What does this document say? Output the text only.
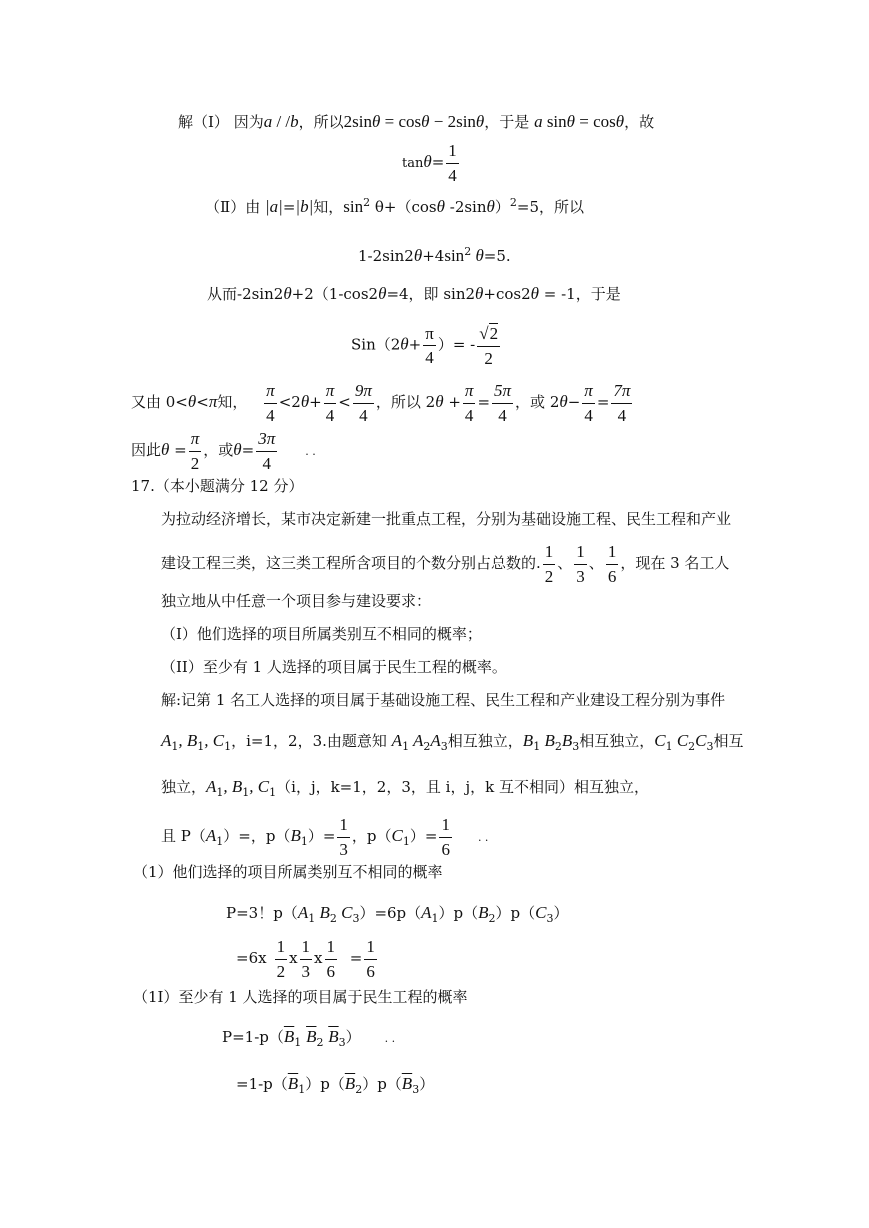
解（Ⅰ） 因为a / /b，所以2sinθ = cosθ − 2sinθ，于是 a sinθ = cosθ，故
$\tan\theta= \frac{1}{4}$
（Ⅱ）由 |a|=|b|知，$\sin^2 \theta+(\cos\theta$ -2sinθ）$^2$=5，所以
$1-2\sin 2\theta+4\sin^2$ θ=5.
从而-2sin2θ+2（1-cos2θ=4，即 sin2θ+cos2θ = -1，于是
$Sin(2\theta+ \frac{\pi}{4}$ ）= - $\frac{√2}{2}$
又由 0<θ<π知， $\frac{\pi}{4} <2\theta+ \frac{\pi}{4} < \frac{9\pi}{4}$ ，所以 $2\theta + \frac{\pi}{4} = \frac{5\pi}{4}$ ，或 $2\theta- \frac{\pi}{4} = \frac{7\pi}{4}$
因此$\theta = \frac{\pi}{2}$ ，或$\theta= \frac{3\pi}{4}$	. .
17.（本小题满分 12 分）
为拉动经济增长，某市决定新建一批重点工程，分别为基础设施工程、民生工程和产业
建设工程三类，这三类工程所含项目的个数分别占总数的. $\frac{1}{2}$ 、 $\frac{1}{3}$ 、 $\frac{1}{6}$ ，现在 3 名工人
独立地从中任意一个项目参与建设要求：
（I）他们选择的项目所属类别互不相同的概率；
（II）至少有 1 人选择的项目属于民生工程的概率。
解:记第 1 名工人选择的项目属于基础设施工程、民生工程和产业建设工程分别为事件
$A_1$, $B_1$, $C_1$，i=1，2，3.由题意知 $A_1$ $A_2A_3$相互独立，$B_1$ $B_2B_3$相互独立，$C_1$ $C_2C_3$相互
独立，$A_1$, $B_1$, $C_1(i$，j，k=1，2，3，且 i，j，k 互不相同）相互独立，
且 $P(A_1)=$，$p(B_1)= \frac{1}{3}$ ，$p(C_1)= \frac{1}{6}$ . .
（1）他们选择的项目所属类别互不相同的概率
P=3！$p(A_1$ $B_2$ $C_3)=6p(A_1)p(B_2)p(C_3)$
$=6x \frac{1}{2}$ x $\frac{1}{3}$ x $\frac{1}{6} = \frac{1}{6}$
（1I）至少有 1 人选择的项目属于民生工程的概率
$P=1-p(\overline{B}_1$ $\overline{B}_2$ $\overline{B}_3$） . .
$=1-p(\overline{B}_1)p(\overline{B}_2)p(\overline{B}_3)$
